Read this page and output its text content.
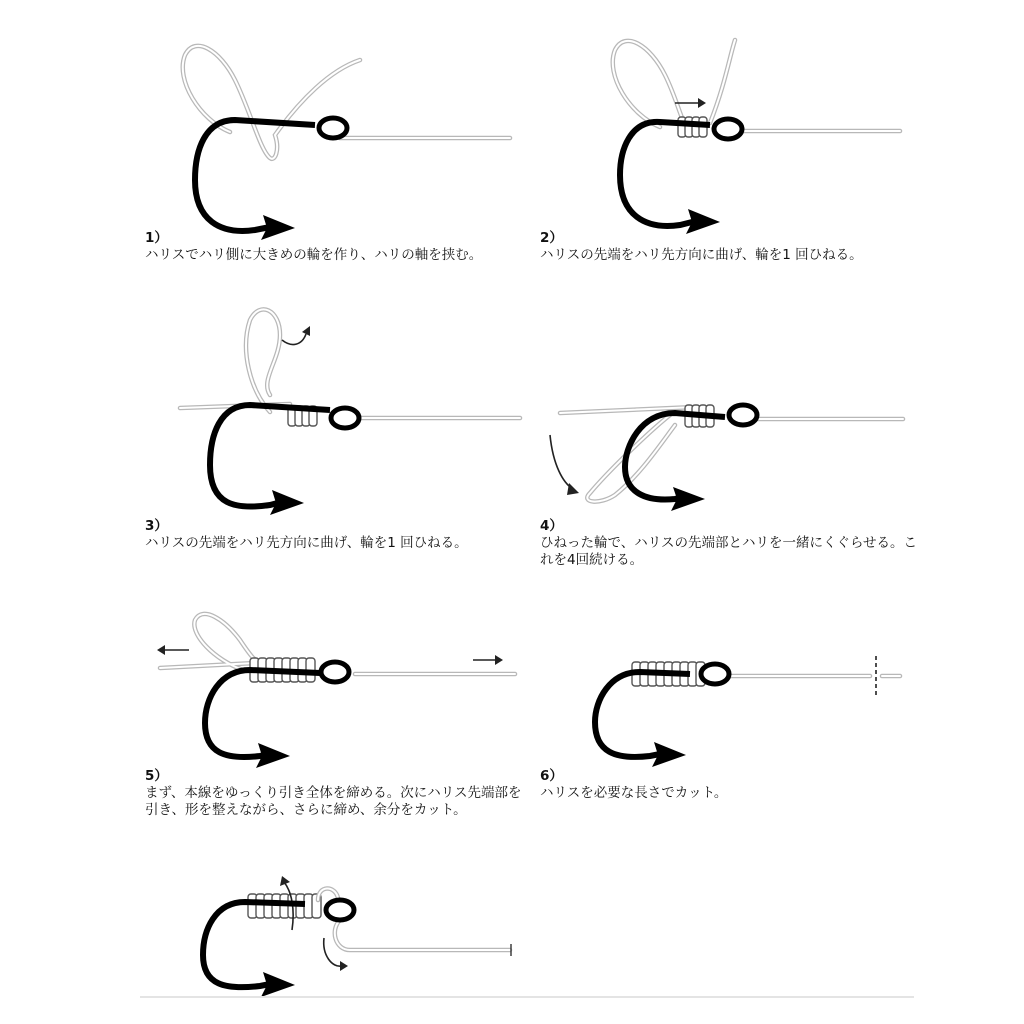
1）
ハリスでハリ側に大きめの輪を作り、ハリの軸を挟む。
2）
ハリスの先端をハリ先方向に曲げ、輪を1 回ひねる。
3）
ハリスの先端をハリ先方向に曲げ、輪を1 回ひねる。
4）
ひねった輪で、ハリスの先端部とハリを一緒にくぐらせる。これを4回続ける。
5）
まず、本線をゆっくり引き全体を締める。次にハリス先端部を引き、形を整えながら、さらに締め、余分をカット。
6）
ハリスを必要な長さでカット。
